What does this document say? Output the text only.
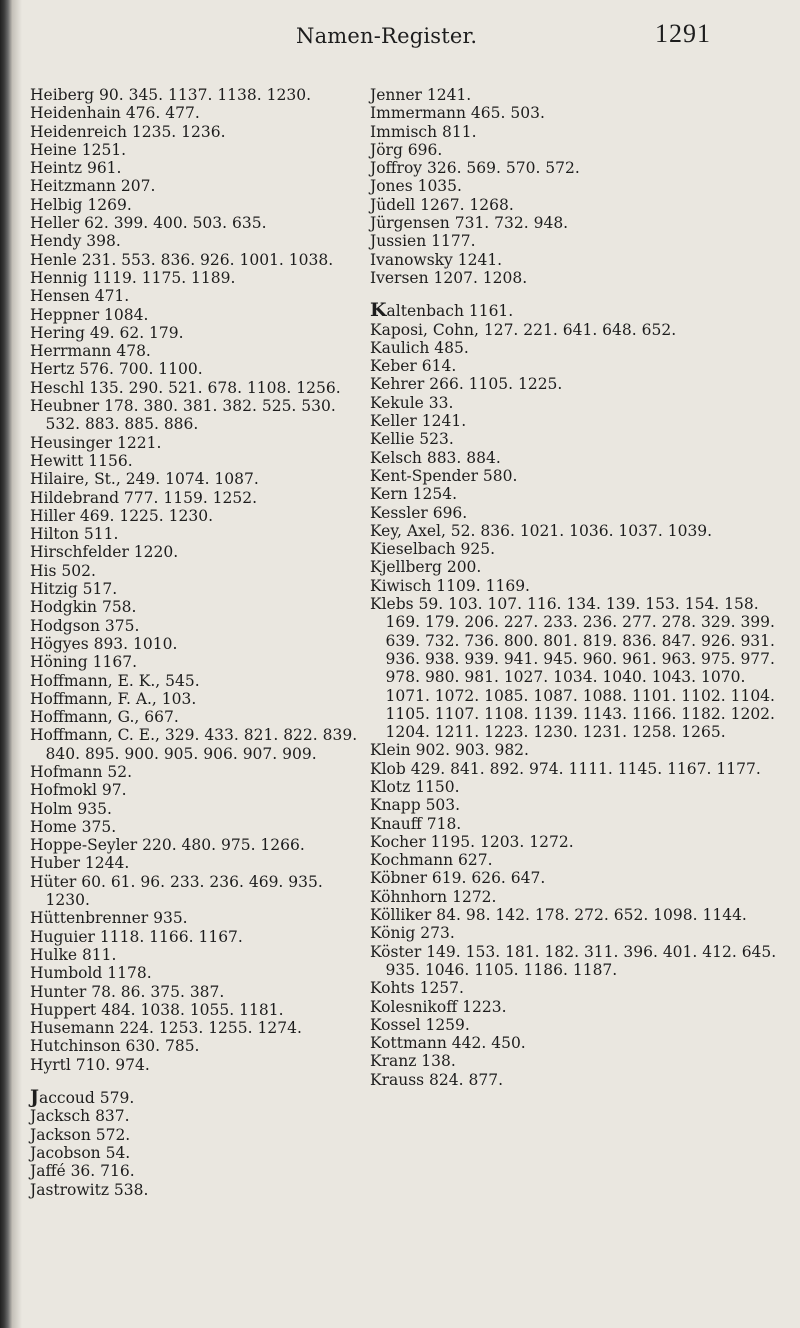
Namen-Register.	1291
Heiberg 90. 345. 1137. 1138. 1230.
Heidenhain 476. 477.
Heidenreich 1235. 1236.
Heine 1251.
Heintz 961.
Heitzmann 207.
Helbig 1269.
Heller 62. 399. 400. 503. 635.
Hendy 398.
Henle 231. 553. 836. 926. 1001. 1038.
Hennig 1119. 1175. 1189.
Hensen 471.
Heppner 1084.
Hering 49. 62. 179.
Herrmann 478.
Hertz 576. 700. 1100.
Heschl 135. 290. 521. 678. 1108. 1256.
Heubner 178. 380. 381. 382. 525. 530. 532. 883. 885. 886.
Heusinger 1221.
Hewitt 1156.
Hilaire, St., 249. 1074. 1087.
Hildebrand 777. 1159. 1252.
Hiller 469. 1225. 1230.
Hilton 511.
Hirschfelder 1220.
His 502.
Hitzig 517.
Hodgkin 758.
Hodgson 375.
Högyes 893. 1010.
Höning 1167.
Hoffmann, E. K., 545.
Hoffmann, F. A., 103.
Hoffmann, G., 667.
Hoffmann, C. E., 329. 433. 821. 822. 839. 840. 895. 900. 905. 906. 907. 909.
Hofmann 52.
Hofmokl 97.
Holm 935.
Home 375.
Hoppe-Seyler 220. 480. 975. 1266.
Huber 1244.
Hüter 60. 61. 96. 233. 236. 469. 935. 1230.
Hüttenbrenner 935.
Huguier 1118. 1166. 1167.
Hulke 811.
Humbold 1178.
Hunter 78. 86. 375. 387.
Huppert 484. 1038. 1055. 1181.
Husemann 224. 1253. 1255. 1274.
Hutchinson 630. 785.
Hyrtl 710. 974.
Jaccoud 579.
Jacksch 837.
Jackson 572.
Jacobson 54.
Jaffé 36. 716.
Jastrowitz 538.
Jenner 1241.
Immermann 465. 503.
Immisch 811.
Jörg 696.
Joffroy 326. 569. 570. 572.
Jones 1035.
Jüdell 1267. 1268.
Jürgensen 731. 732. 948.
Jussien 1177.
Ivanowsky 1241.
Iversen 1207. 1208.
Kaltenbach 1161.
Kaposi, Cohn, 127. 221. 641. 648. 652.
Kaulich 485.
Keber 614.
Kehrer 266. 1105. 1225.
Kekule 33.
Keller 1241.
Kellie 523.
Kelsch 883. 884.
Kent-Spender 580.
Kern 1254.
Kessler 696.
Key, Axel, 52. 836. 1021. 1036. 1037. 1039.
Kieselbach 925.
Kjellberg 200.
Kiwisch 1109. 1169.
Klebs 59. 103. 107. 116. 134. 139. 153. 154. 158. 169. 179. 206. 227. 233. 236. 277. 278. 329. 399. 639. 732. 736. 800. 801. 819. 836. 847. 926. 931. 936. 938. 939. 941. 945. 960. 961. 963. 975. 977. 978. 980. 981. 1027. 1034. 1040. 1043. 1070. 1071. 1072. 1085. 1087. 1088. 1101. 1102. 1104. 1105. 1107. 1108. 1139. 1143. 1166. 1182. 1202. 1204. 1211. 1223. 1230. 1231. 1258. 1265.
Klein 902. 903. 982.
Klob 429. 841. 892. 974. 1111. 1145. 1167. 1177.
Klotz 1150.
Knapp 503.
Knauff 718.
Kocher 1195. 1203. 1272.
Kochmann 627.
Köbner 619. 626. 647.
Köhnhorn 1272.
Kölliker 84. 98. 142. 178. 272. 652. 1098. 1144.
König 273.
Köster 149. 153. 181. 182. 311. 396. 401. 412. 645. 935. 1046. 1105. 1186. 1187.
Kohts 1257.
Kolesnikoff 1223.
Kossel 1259.
Kottmann 442. 450.
Kranz 138.
Krauss 824. 877.
